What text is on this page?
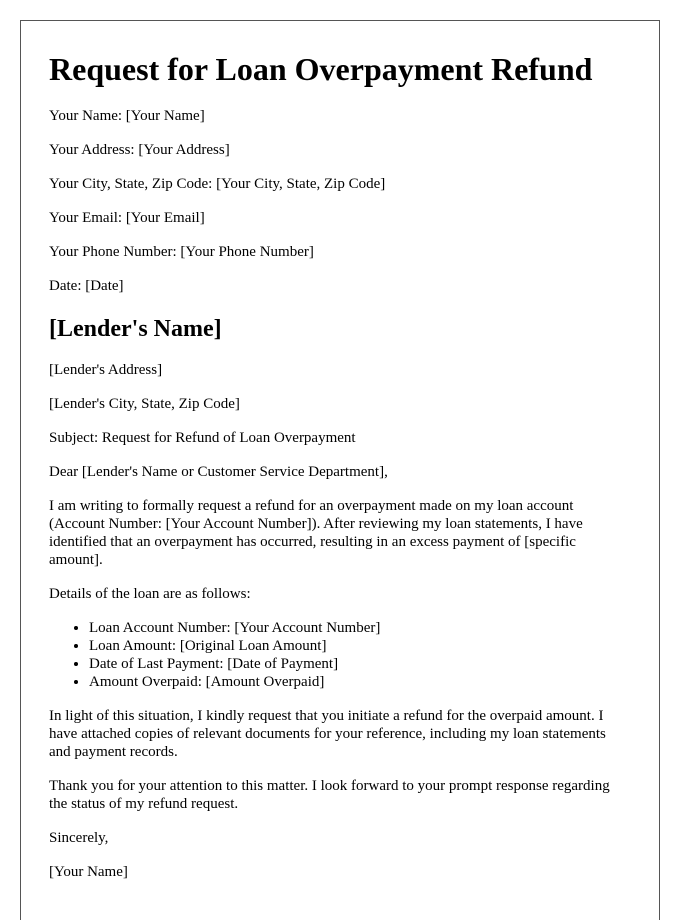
Request for Loan Overpayment Refund

Your Name: [Your Name]

Your Address: [Your Address]

Your City, State, Zip Code: [Your City, State, Zip Code]

Your Email: [Your Email]

Your Phone Number: [Your Phone Number]

Date: [Date]

[Lender's Name]

[Lender's Address]

[Lender's City, State, Zip Code]

Subject: Request for Refund of Loan Overpayment

Dear [Lender's Name or Customer Service Department],

I am writing to formally request a refund for an overpayment made on my loan account (Account Number: [Your Account Number]). After reviewing my loan statements, I have identified that an overpayment has occurred, resulting in an excess payment of [specific amount].

Details of the loan are as follows:

• Loan Account Number: [Your Account Number]
• Loan Amount: [Original Loan Amount]
• Date of Last Payment: [Date of Payment]
• Amount Overpaid: [Amount Overpaid]

In light of this situation, I kindly request that you initiate a refund for the overpaid amount. I have attached copies of relevant documents for your reference, including my loan statements and payment records.

Thank you for your attention to this matter. I look forward to your prompt response regarding the status of my refund request.

Sincerely,

[Your Name]
